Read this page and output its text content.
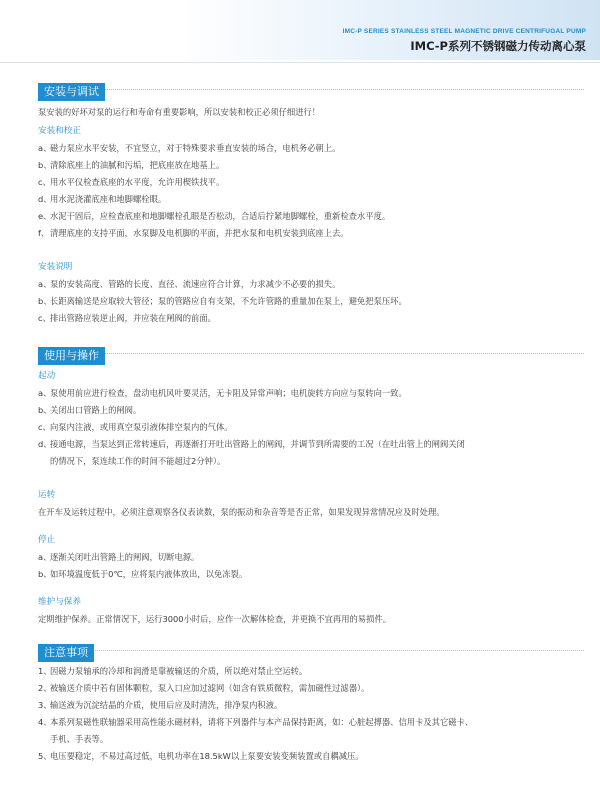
IMC-P SERIES STAINLESS STEEL MAGNETIC DRIVE CENTRIFUGAL PUMP
IMC-P系列不锈钢磁力传动离心泵
安装与调试

泵安装的好坏对泵的运行和寿命有重要影响，所以安装和校正必须仔细进行！

安装和校正

a、磁力泵应水平安装，不宜竖立，对于特殊要求垂直安装的场合，电机务必朝上。

b、清除底座上的油腻和污垢，把底座放在地基上。

c、用水平仪检查底座的水平度，允许用楔铁找平。

d、用水泥浇灌底座和地脚螺栓眼。

e、水泥干固后，应检查底座和地脚螺栓孔眼是否松动，合适后拧紧地脚螺栓，重新检查水平度。

f、清理底座的支持平面，水泵脚及电机脚的平面，并把水泵和电机安装到底座上去。

安装说明

a、泵的安装高度、管路的长度、直径、流速应符合计算，力求减少不必要的损失。

b、长距离输送是应取较大管径；泵的管路应自有支架，不允许管路的重量加在泵上，避免把泵压坏。

c、排出管路应装逆止阀，并应装在闸阀的前面。

使用与操作

起动

a、泵使用前应进行检查，盘动电机风叶要灵活，无卡阻及异常声响；电机旋转方向应与泵转向一致。

b、关闭出口管路上的闸阀。

c、向泵内注液，或用真空泵引液体排空泵内的气体。

d、接通电源，当泵达到正常转速后，再逐渐打开吐出管路上的闸阀，并调节到所需要的工况（在吐出管上的闸阀关闭

的情况下，泵连续工作的时间不能超过2分钟）。

运转

在开车及运转过程中，必须注意观察各仪表读数，泵的振动和杂音等是否正常，如果发现异常情况应及时处理。

停止

a、逐渐关闭吐出管路上的闸阀，切断电源。

b、如环境温度低于0℃，应将泵内液体放出，以免冻裂。

维护与保养

定期维护保养。正常情况下，运行3000小时后，应作一次解体检查，并更换不宜再用的易损件。

注意事项

1、因磁力泵轴承的冷却和润滑是靠被输送的介质，所以绝对禁止空运转。

2、被输送介质中若有固体颗粒，泵入口应加过滤网（如含有铁质微粒，需加磁性过滤器）。

3、输送液为沉淀结晶的介质，使用后应及时清洗，排净泵内积液。

4、本系列泵磁性联轴器采用高性能永磁材料，请将下列器件与本产品保持距离，如：心脏起搏器、信用卡及其它磁卡、

手机、手表等。

5、电压要稳定，不易过高过低，电机功率在18.5kW以上泵要安装变频装置或自耦减压。
